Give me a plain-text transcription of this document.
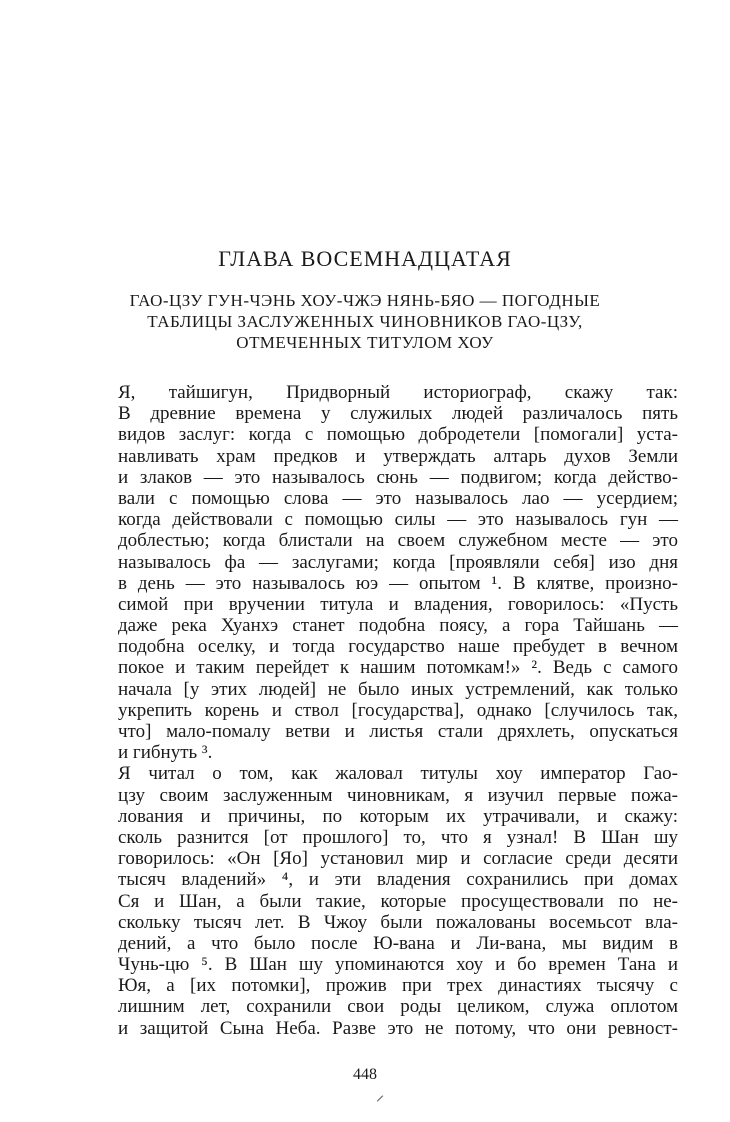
ГЛАВА ВОСЕМНАДЦАТАЯ
ГАО-ЦЗУ ГУН-ЧЭНЬ ХОУ-ЧЖЭ НЯНЬ-БЯО — ПОГОДНЫЕ
ТАБЛИЦЫ ЗАСЛУЖЕННЫХ ЧИНОВНИКОВ ГАО-ЦЗУ,
ОТМЕЧЕННЫХ ТИТУЛОМ ХОУ
Я, тайшигун, Придворный историограф, скажу так:
В древние времена у служилых людей различалось пять
видов заслуг: когда с помощью добродетели [помогали] уста-
навливать храм предков и утверждать алтарь духов Земли
и злаков — это называлось сюнь — подвигом; когда действо-
вали с помощью слова — это называлось лао — усердием;
когда действовали с помощью силы — это называлось гун —
доблестью; когда блистали на своем служебном месте — это
называлось фа — заслугами; когда [проявляли себя] изо дня
в день — это называлось юэ — опытом ¹. В клятве, произно-
симой при вручении титула и владения, говорилось: «Пусть
даже река Хуанхэ станет подобна поясу, а гора Тайшань —
подобна оселку, и тогда государство наше пребудет в вечном
покое и таким перейдет к нашим потомкам!» ². Ведь с самого
начала [у этих людей] не было иных устремлений, как только
укрепить корень и ствол [государства], однако [случилось так,
что] мало-помалу ветви и листья стали дряхлеть, опускаться
и гибнуть ³.
Я читал о том, как жаловал титулы хоу император Гао-
цзу своим заслуженным чиновникам, я изучил первые пожа-
лования и причины, по которым их утрачивали, и скажу:
сколь разнится [от прошлого] то, что я узнал! В Шан шу
говорилось: «Он [Яо] установил мир и согласие среди десяти
тысяч владений» ⁴, и эти владения сохранились при домах
Ся и Шан, а были такие, которые просуществовали по не-
скольку тысяч лет. В Чжоу были пожалованы восемьсот вла-
дений, а что было после Ю-вана и Ли-вана, мы видим в
Чунь-цю ⁵. В Шан шу упоминаются хоу и бо времен Тана и
Юя, а [их потомки], прожив при трех династиях тысячу с
лишним лет, сохранили свои роды целиком, служа оплотом
и защитой Сына Неба. Разве это не потому, что они ревност-
448
